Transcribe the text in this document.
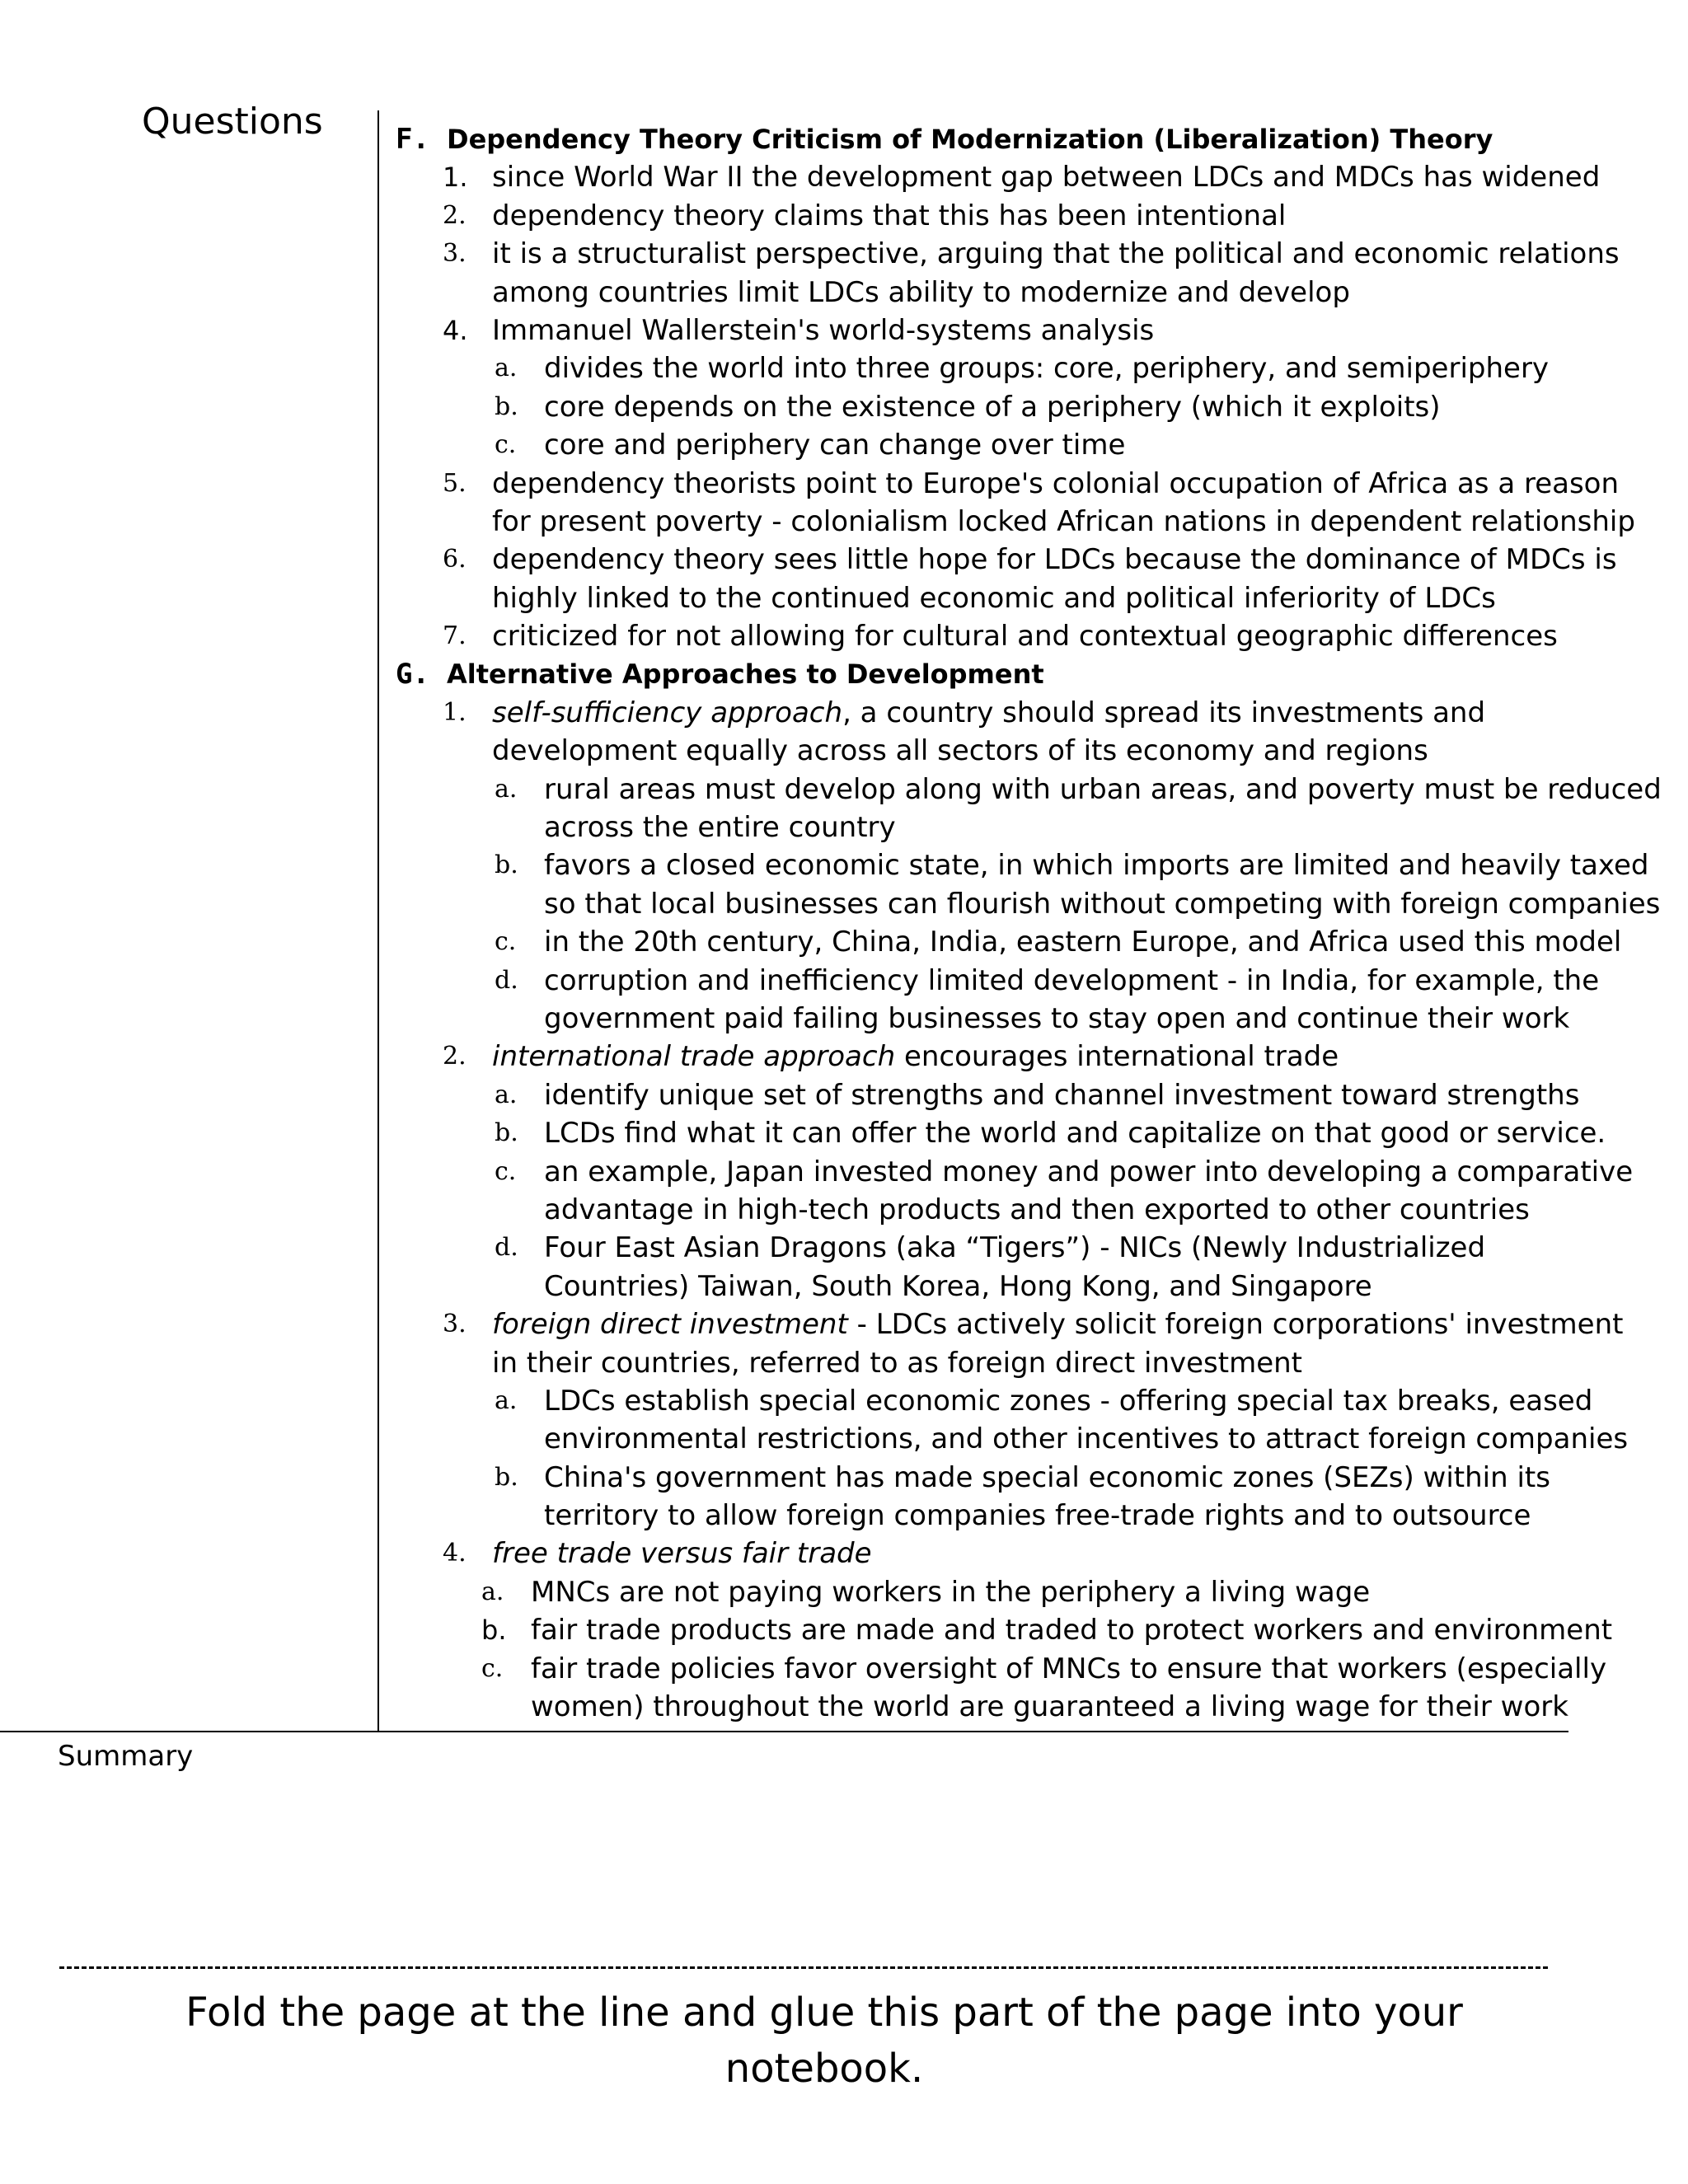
Questions	F. Dependency Theory Criticism of Modernization (Liberalization) Theory
1. since World War II the development gap between LDCs and MDCs has widened
2. dependency theory claims that this has been intentional
3. it is a structuralist perspective, arguing that the political and economic relations
among countries limit LDCs ability to modernize and develop
4. Immanuel Wallerstein's world-systems analysis
a. divides the world into three groups: core, periphery, and semiperiphery
b. core depends on the existence of a periphery (which it exploits)
c. core and periphery can change over time
5. dependency theorists point to Europe's colonial occupation of Africa as a reason
for present poverty - colonialism locked African nations in dependent relationship
6. dependency theory sees little hope for LDCs because the dominance of MDCs is
highly linked to the continued economic and political inferiority of LDCs
7. criticized for not allowing for cultural and contextual geographic differences
G. Alternative Approaches to Development
1. self-sufficiency approach, a country should spread its investments and
development equally across all sectors of its economy and regions
a. rural areas must develop along with urban areas, and poverty must be reduced
across the entire country
b. favors a closed economic state, in which imports are limited and heavily taxed
so that local businesses can flourish without competing with foreign companies
c. in the 20th century, China, India, eastern Europe, and Africa used this model
d. corruption and inefficiency limited development - in India, for example, the
government paid failing businesses to stay open and continue their work
2. international trade approach encourages international trade
a. identify unique set of strengths and channel investment toward strengths
b. LCDs find what it can offer the world and capitalize on that good or service.
c. an example, Japan invested money and power into developing a comparative
advantage in high-tech products and then exported to other countries
d. Four East Asian Dragons (aka “Tigers”) - NICs (Newly Industrialized
Countries) Taiwan, South Korea, Hong Kong, and Singapore
3. foreign direct investment - LDCs actively solicit foreign corporations' investment
in their countries, referred to as foreign direct investment
a. LDCs establish special economic zones - offering special tax breaks, eased
environmental restrictions, and other incentives to attract foreign companies
b. China's government has made special economic zones (SEZs) within its
territory to allow foreign companies free-trade rights and to outsource
4. free trade versus fair trade
a. MNCs are not paying workers in the periphery a living wage
b. fair trade products are made and traded to protect workers and environment
c. fair trade policies favor oversight of MNCs to ensure that workers (especially
women) throughout the world are guaranteed a living wage for their work
Summary
Fold the page at the line and glue this part of the page into your notebook.
